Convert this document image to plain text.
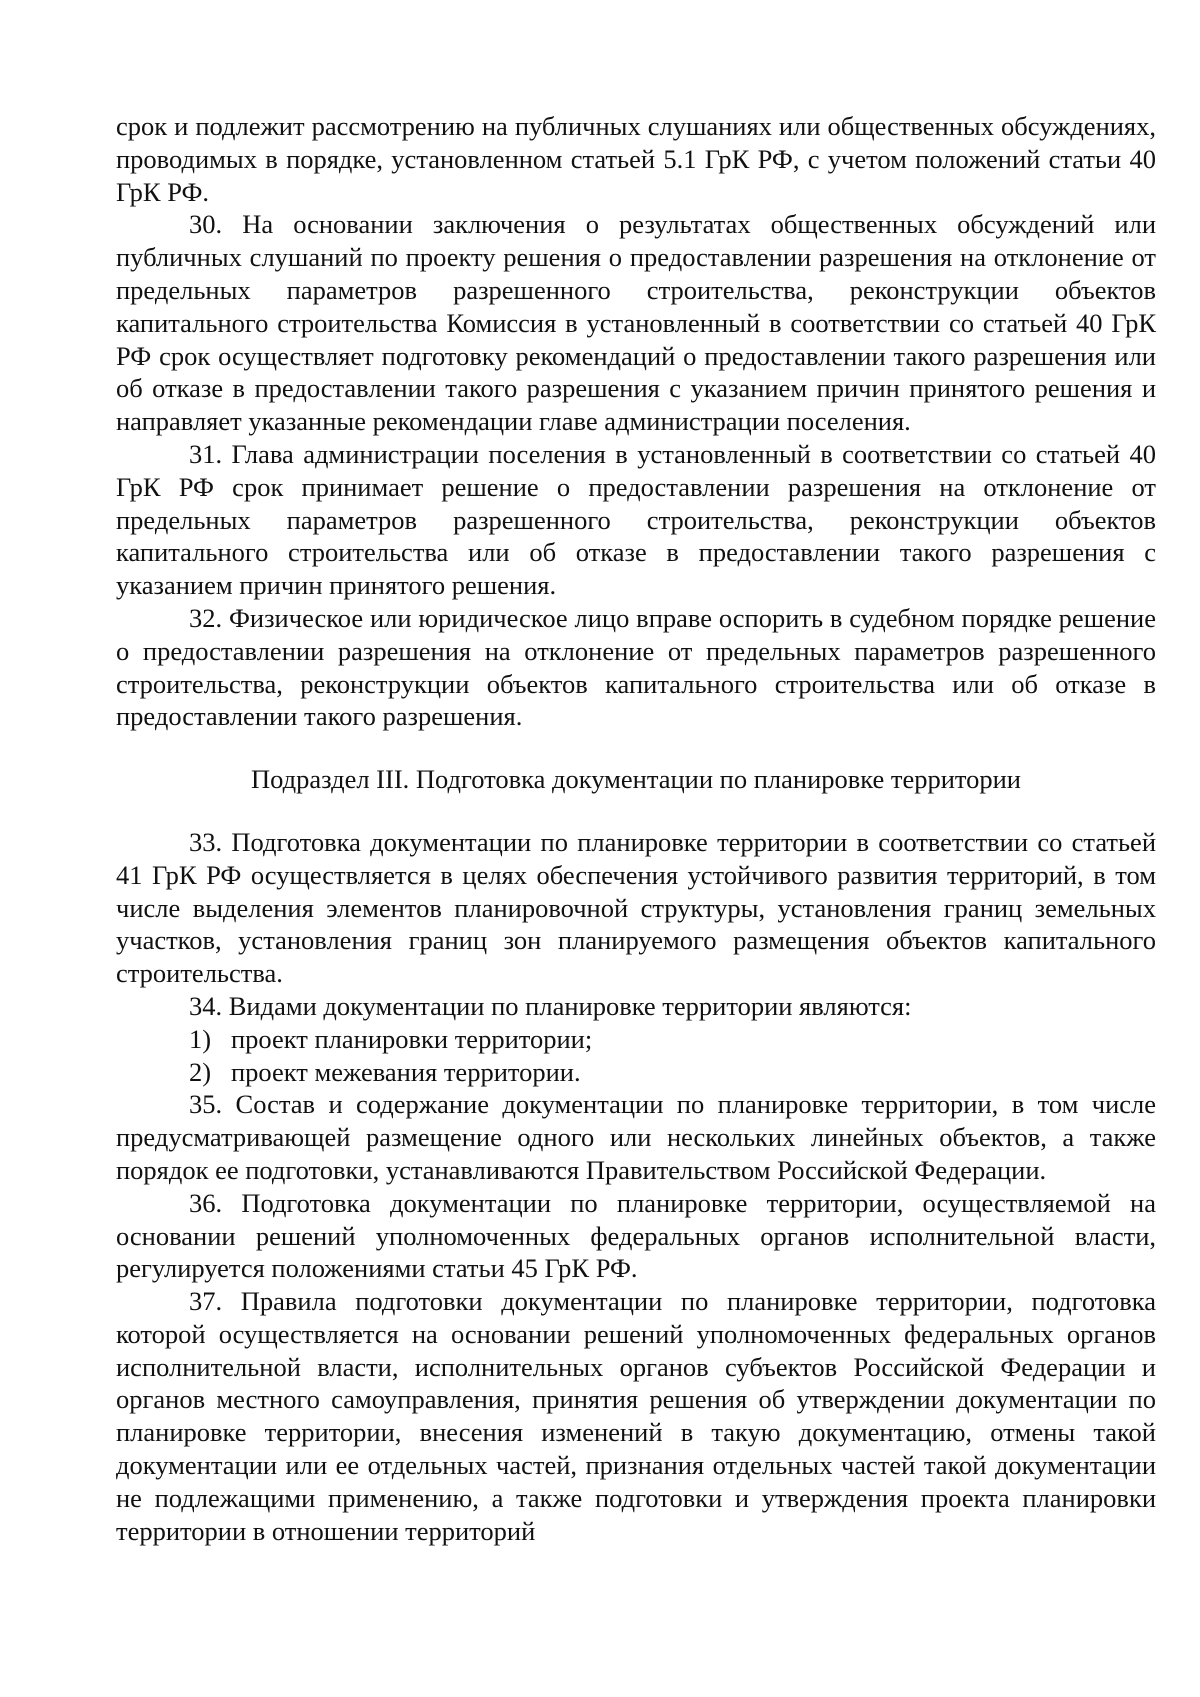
срок и подлежит рассмотрению на публичных слушаниях или общественных обсуждениях, проводимых в порядке, установленном статьей 5.1 ГрК РФ, с учетом положений статьи 40 ГрК РФ.

30. На основании заключения о результатах общественных обсуждений или публичных слушаний по проекту решения о предоставлении разрешения на отклонение от предельных параметров разрешенного строительства, реконструкции объектов капитального строительства Комиссия в установленный в соответствии со статьей 40 ГрК РФ срок осуществляет подготовку рекомендаций о предоставлении такого разрешения или об отказе в предоставлении такого разрешения с указанием причин принятого решения и направляет указанные рекомендации главе администрации поселения.

31. Глава администрации поселения в установленный в соответствии со статьей 40 ГрК РФ срок принимает решение о предоставлении разрешения на отклонение от предельных параметров разрешенного строительства, реконструкции объектов капитального строительства или об отказе в предоставлении такого разрешения с указанием причин принятого решения.

32. Физическое или юридическое лицо вправе оспорить в судебном порядке решение о предоставлении разрешения на отклонение от предельных параметров разрешенного строительства, реконструкции объектов капитального строительства или об отказе в предоставлении такого разрешения.

Подраздел III. Подготовка документации по планировке территории

33. Подготовка документации по планировке территории в соответствии со статьей 41 ГрК РФ осуществляется в целях обеспечения устойчивого развития территорий, в том числе выделения элементов планировочной структуры, установления границ земельных участков, установления границ зон планируемого размещения объектов капитального строительства.

34. Видами документации по планировке территории являются:

1) проект планировки территории;

2) проект межевания территории.

35. Состав и содержание документации по планировке территории, в том числе предусматривающей размещение одного или нескольких линейных объектов, а также порядок ее подготовки, устанавливаются Правительством Российской Федерации.

36. Подготовка документации по планировке территории, осуществляемой на основании решений уполномоченных федеральных органов исполнительной власти, регулируется положениями статьи 45 ГрК РФ.

37. Правила подготовки документации по планировке территории, подготовка которой осуществляется на основании решений уполномоченных федеральных органов исполнительной власти, исполнительных органов субъектов Российской Федерации и органов местного самоуправления, принятия решения об утверждении документации по планировке территории, внесения изменений в такую документацию, отмены такой документации или ее отдельных частей, признания отдельных частей такой документации не подлежащими применению, а также подготовки и утверждения проекта планировки территории в отношении территорий
